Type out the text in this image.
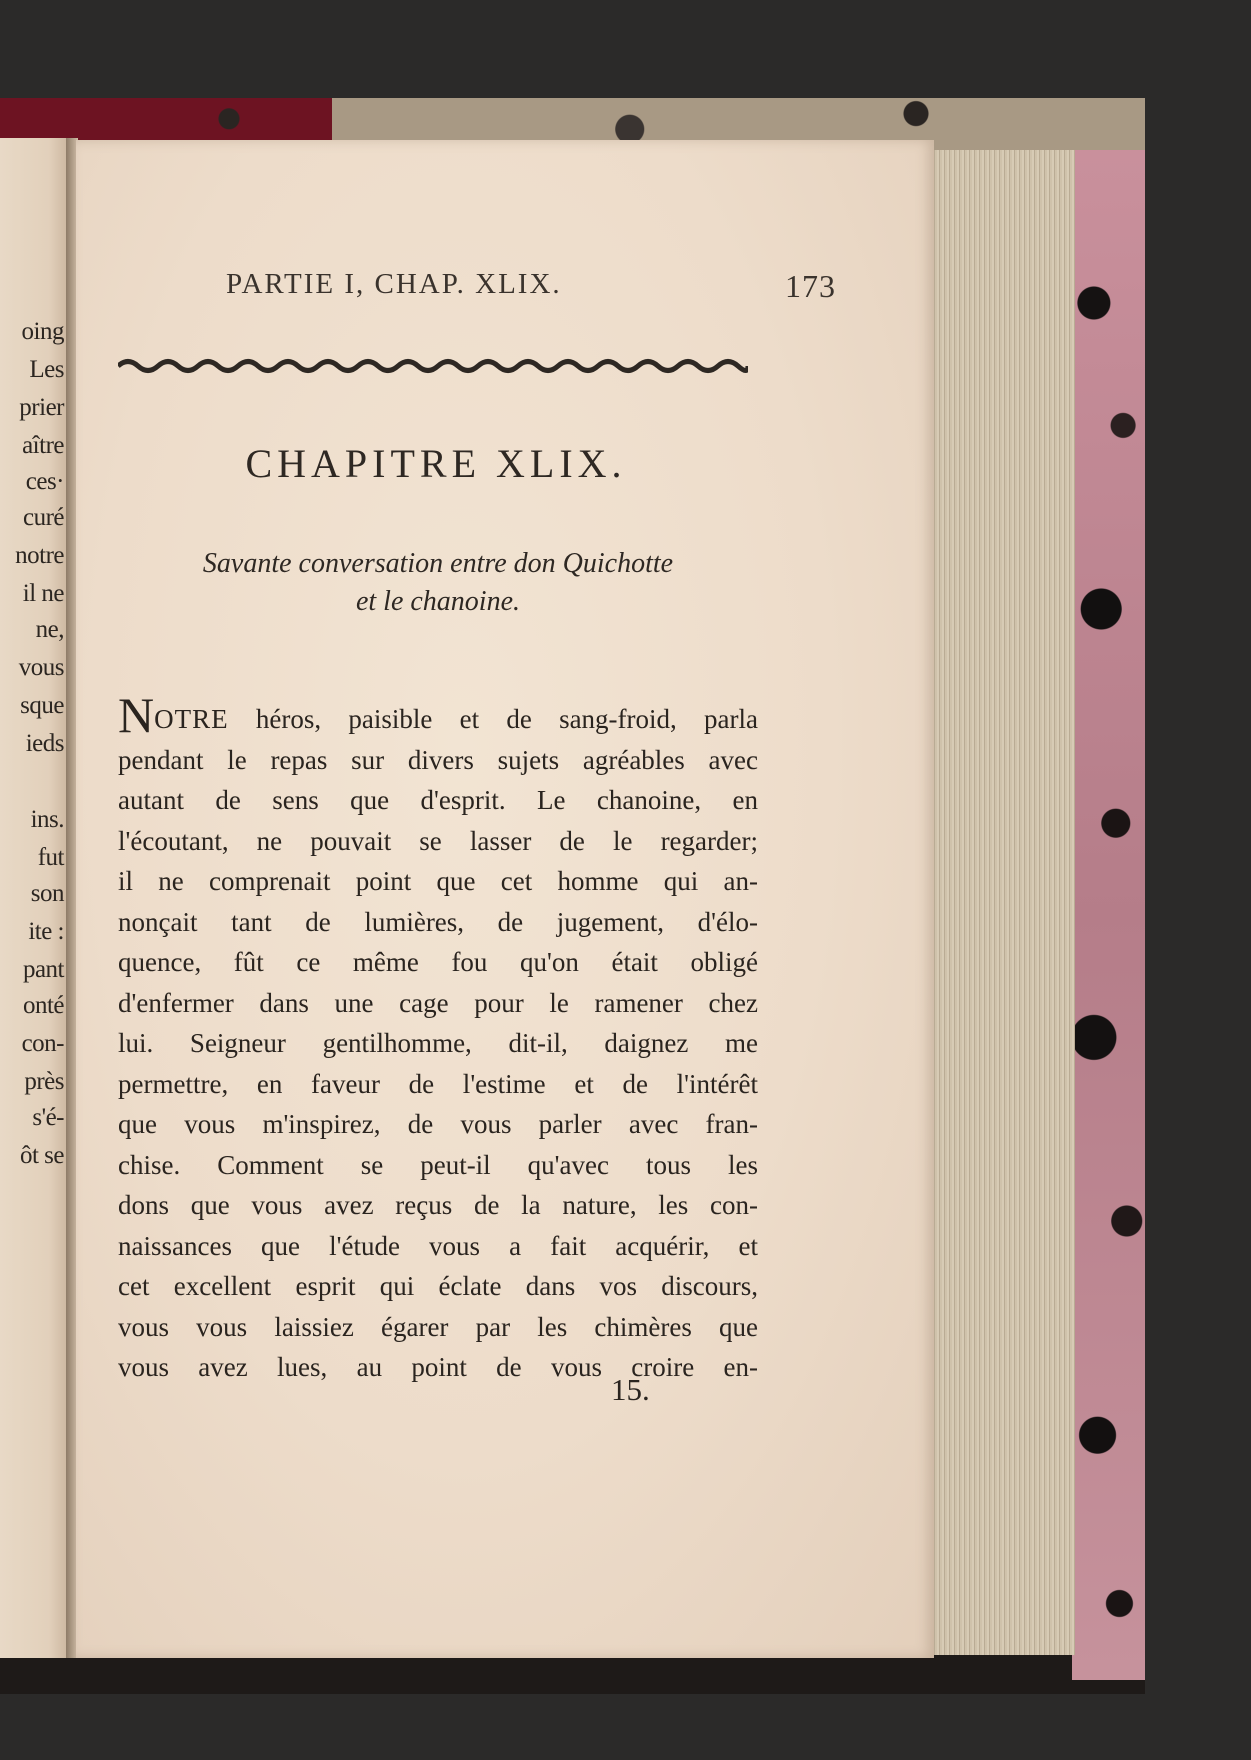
oing
Les
prier
aître
ces·
curé
notre
il ne
ne,
vous
sque
ieds
ins.
fut
son
ite :
pant
onté
con-
près
s'é-
ôt se
PARTIE I, CHAP. XLIX.	173
CHAPITRE XLIX.
Savante conversation entre don Quichotte
et le chanoine.
NOTRE héros, paisible et de sang-froid, parla
pendant le repas sur divers sujets agréables avec
autant de sens que d'esprit. Le chanoine, en
l'écoutant, ne pouvait se lasser de le regarder;
il ne comprenait point que cet homme qui an-
nonçait tant de lumières, de jugement, d'élo-
quence, fût ce même fou qu'on était obligé
d'enfermer dans une cage pour le ramener chez
lui. Seigneur gentilhomme, dit-il, daignez me
permettre, en faveur de l'estime et de l'intérêt
que vous m'inspirez, de vous parler avec fran-
chise. Comment se peut-il qu'avec tous les
dons que vous avez reçus de la nature, les con-
naissances que l'étude vous a fait acquérir, et
cet excellent esprit qui éclate dans vos discours,
vous vous laissiez égarer par les chimères que
vous avez lues, au point de vous croire en-
15.
